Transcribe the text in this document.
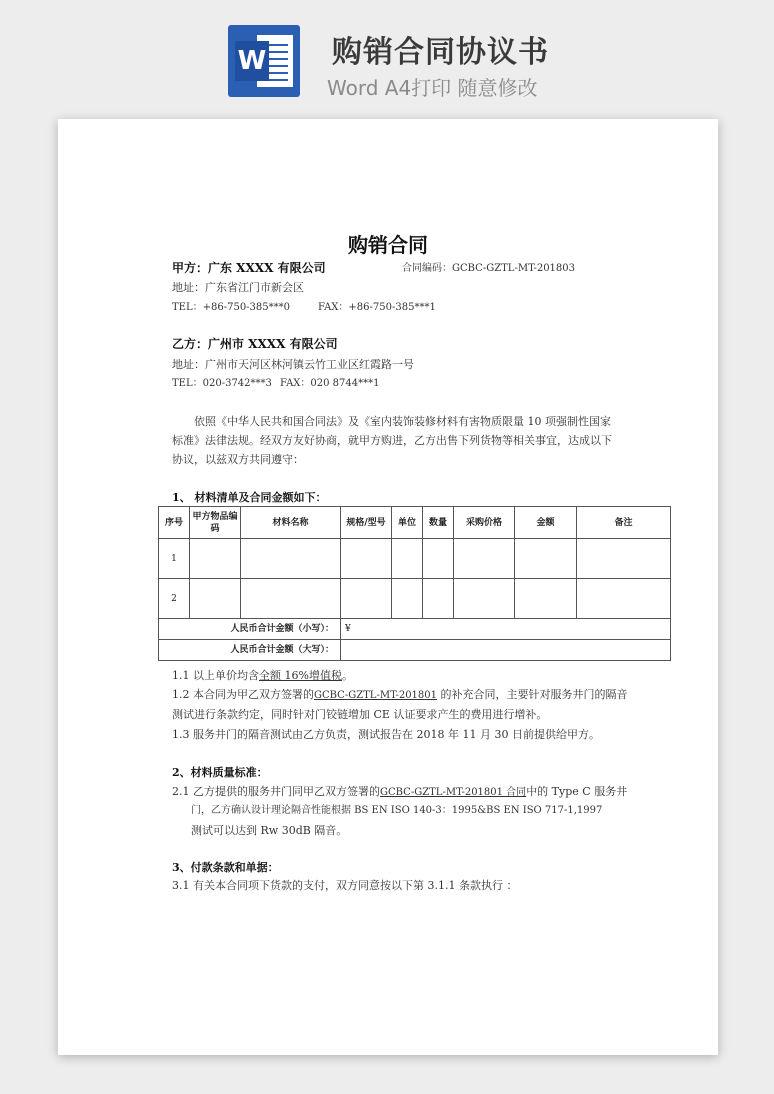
W 购销合同协议书
Word A4打印 随意修改
购销合同
甲方：广东 XXXX 有限公司	合同编码：GCBC-GZTL-MT-201803
地址：广东省江门市新会区
TEL：+86-750-385***0	FAX：+86-750-385***1
乙方：广州市 XXXX 有限公司
地址：广州市天河区林河镇云竹工业区红霞路一号
TEL：020-3742***3 FAX：020 8744***1
依照《中华人民共和国合同法》及《室内装饰装修材料有害物质限量 10 项强制性国家
标准》法律法规。经双方友好协商，就甲方购进，乙方出售下列货物等相关事宜，达成以下
协议，以兹双方共同遵守：
1、 材料清单及合同金额如下：
序号	甲方物品编码	材料名称	规格/型号	单位	数量	采购价格	金额	备注
1								
2								
人民币合计金额（小写）：			¥					
人民币合计金额（大写）：								
1.1 以上单价均含全额 16%增值税。
1.2 本合同为甲乙双方签署的GCBC-GZTL-MT-201801 的补充合同，主要针对服务井门的隔音
测试进行条款约定，同时针对门铰链增加 CE 认证要求产生的费用进行增补。
1.3 服务井门的隔音测试由乙方负责，测试报告在 2018 年 11 月 30 日前提供给甲方。
2、材料质量标准：
2.1 乙方提供的服务井门同甲乙双方签署的GCBC-GZTL-MT-201801 合同中的 Type C 服务井
门，乙方确认设计理论隔音性能根据 BS EN ISO 140-3：1995&BS EN ISO 717-1,1997
测试可以达到 Rw 30dB 隔音。
3、付款条款和单据：
3.1 有关本合同项下货款的支付，双方同意按以下第 3.1.1 条款执行 ：
